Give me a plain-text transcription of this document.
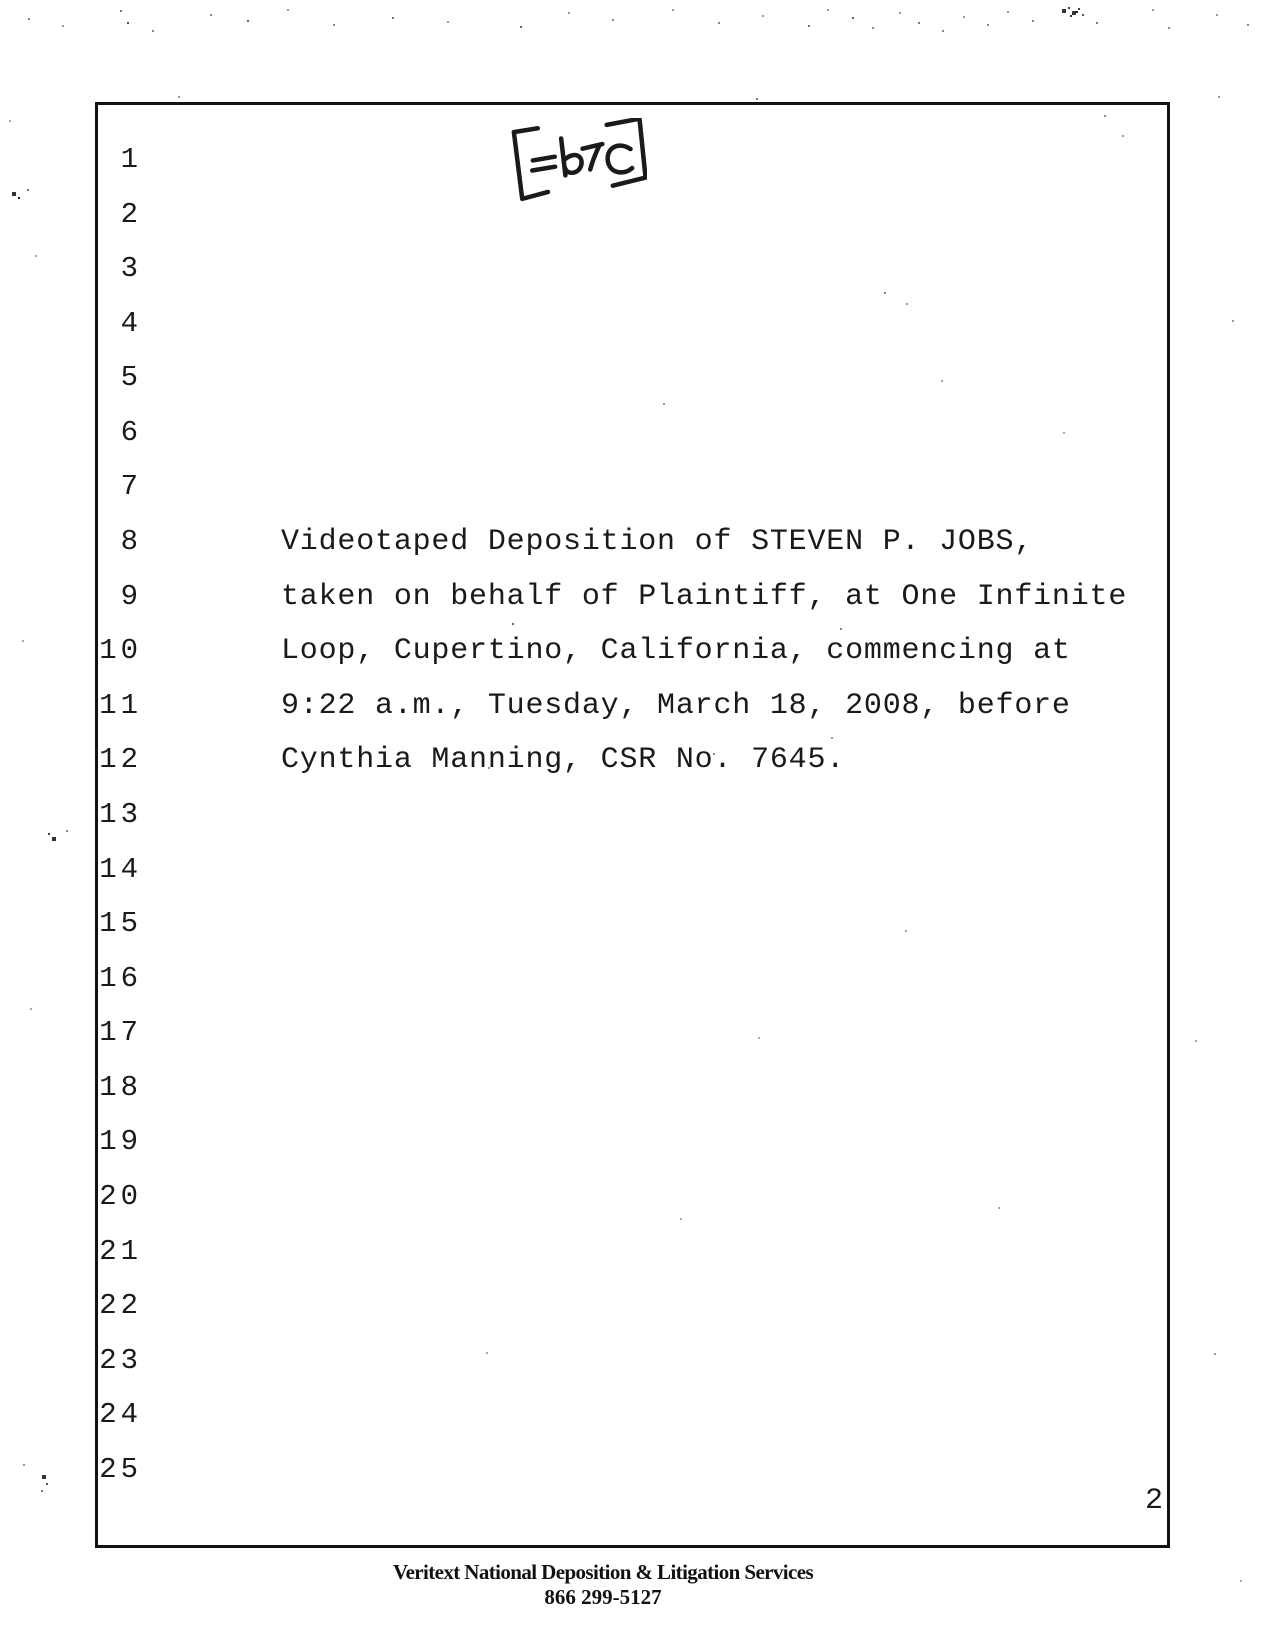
1
2
3
4
5
6
7
8
9
10
11
12
13
14
15
16
17
18
19
20
21
22
23
24
25
Videotaped Deposition of STEVEN P. JOBS,
taken on behalf of Plaintiff, at One Infinite
Loop, Cupertino, California, commencing at
9:22 a.m., Tuesday, March 18, 2008, before
Cynthia Manning, CSR No. 7645.
2
Veritext National Deposition & Litigation Services
866 299-5127
